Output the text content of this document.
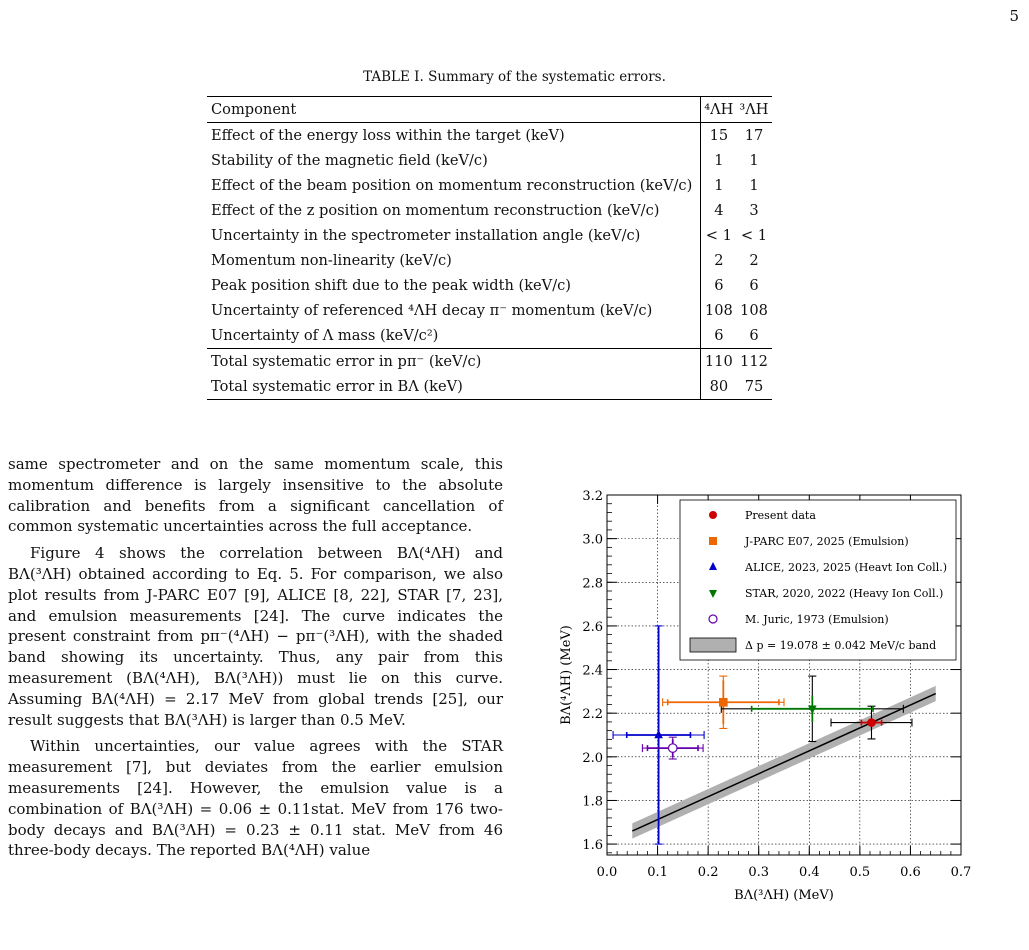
5
TABLE I. Summary of the systematic errors.
Component	⁴ΛH	³ΛH
Effect of the energy loss within the target (keV)	15	17
Stability of the magnetic field (keV/c)	1	1
Effect of the beam position on momentum reconstruction (keV/c)	1	1
Effect of the z position on momentum reconstruction (keV/c)	4	3
Uncertainty in the spectrometer installation angle (keV/c)	< 1	< 1
Momentum non-linearity (keV/c)	2	2
Peak position shift due to the peak width (keV/c)	6	6
Uncertainty of referenced ⁴ΛH decay π⁻ momentum (keV/c)	108	108
Uncertainty of Λ mass (keV/c²)	6	6
Total systematic error in pπ⁻ (keV/c)	110	112
Total systematic error in BΛ (keV)	80	75

same spectrometer and on the same momentum scale, this momentum difference is largely insensitive to the absolute calibration and benefits from a significant cancellation of common systematic uncertainties across the full acceptance.

Figure 4 shows the correlation between BΛ(⁴ΛH) and BΛ(³ΛH) obtained according to Eq. 5. For comparison, we also plot results from J-PARC E07 [9], ALICE [8, 22], STAR [7, 23], and emulsion measurements [24]. The curve indicates the present constraint from pπ⁻(⁴ΛH) − pπ⁻(³ΛH), with the shaded band showing its uncertainty. Thus, any pair from this measurement (BΛ(⁴ΛH), BΛ(³ΛH)) must lie on this curve. Assuming BΛ(⁴ΛH) = 2.17 MeV from global trends [25], our result suggests that BΛ(³ΛH) is larger than 0.5 MeV.

Within uncertainties, our value agrees with the STAR measurement [7], but deviates from the earlier emulsion measurements [24]. However, the emulsion value is a combination of BΛ(³ΛH) = 0.06 ± 0.11stat. MeV from 176 two-body decays and BΛ(³ΛH) = 0.23 ± 0.11 stat. MeV from 46 three-body decays. The reported BΛ(⁴ΛH) value

0.0 0.1 0.2 0.3 0.4 0.5 0.6 0.7
1.6
1.8
2.0
2.2
2.4
2.6
2.8
3.0
3.2
BΛ(³ΛH) (MeV)
BΛ(⁴ΛH) (MeV)
Present data
J-PARC E07, 2025 (Emulsion)
ALICE, 2023, 2025 (Heavt Ion Coll.)
STAR, 2020, 2022 (Heavy Ion Coll.)
M. Juric, 1973 (Emulsion)
Δ p = 19.078 ± 0.042 MeV/c band
